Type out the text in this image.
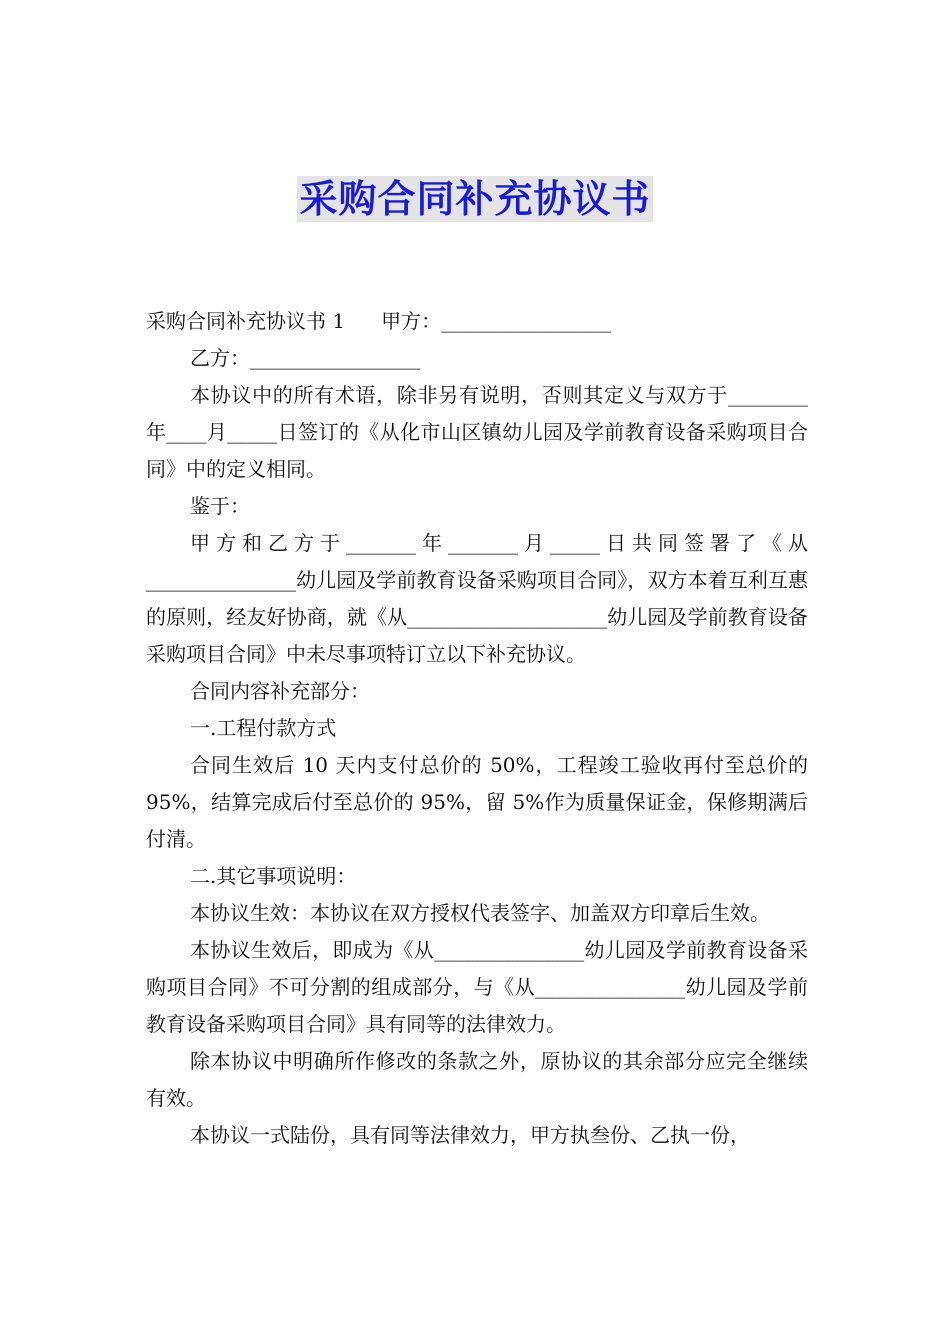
采购合同补充协议书

采购合同补充协议书 1 甲方：_________________

乙方：_________________

本协议中的所有术语，除非另有说明，否则其定义与双方于________年____月_____日签订的《从化市山区镇幼儿园及学前教育设备采购项目合同》中的定义相同。

鉴于：

甲方和乙方于_______年_______月_____日共同签署了《从_______________幼儿园及学前教育设备采购项目合同》，双方本着互利互惠的原则，经友好协商，就《从____________________幼儿园及学前教育设备采购项目合同》中未尽事项特订立以下补充协议。

合同内容补充部分：

一.工程付款方式

合同生效后 10 天内支付总价的 50%，工程竣工验收再付至总价的 95%，结算完成后付至总价的 95%，留 5%作为质量保证金，保修期满后付清。

二.其它事项说明：

本协议生效：本协议在双方授权代表签字、加盖双方印章后生效。

本协议生效后，即成为《从_______________幼儿园及学前教育设备采购项目合同》不可分割的组成部分，与《从_______________幼儿园及学前教育设备采购项目合同》具有同等的法律效力。

除本协议中明确所作修改的条款之外，原协议的其余部分应完全继续有效。

本协议一式陆份，具有同等法律效力，甲方执叁份、乙执一份，
